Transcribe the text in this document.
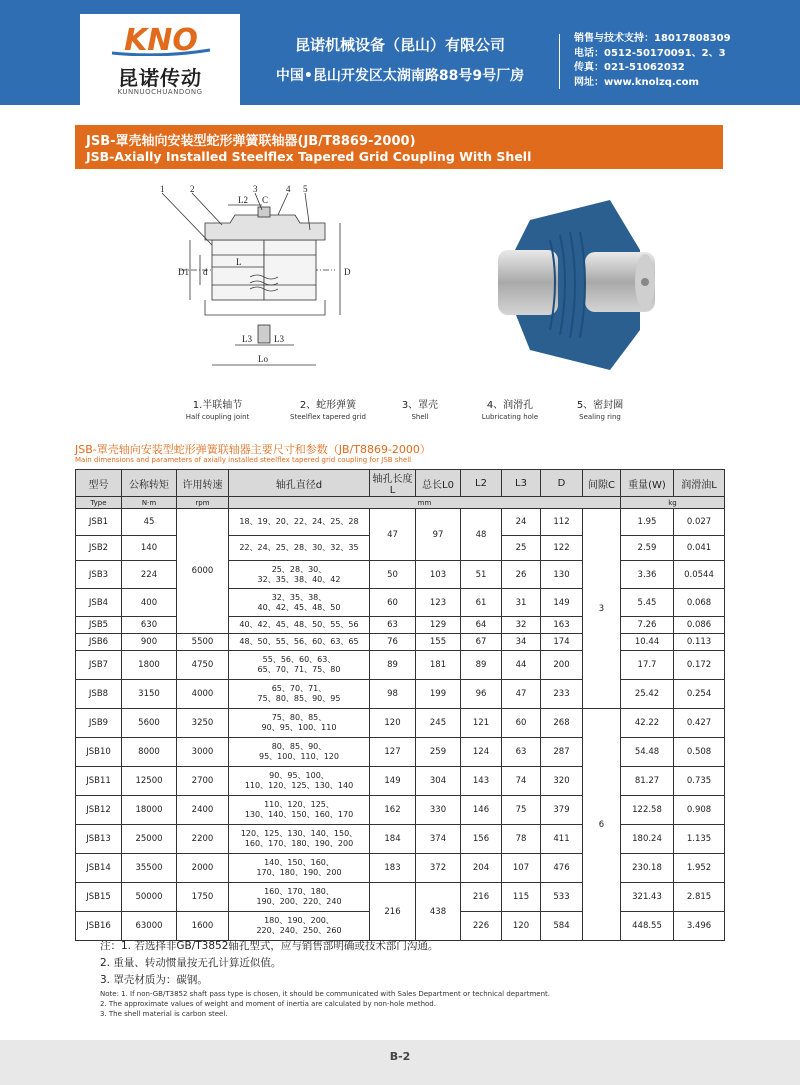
KNO
昆诺传动
KUNNUOCHUANDONG
昆诺机械设备（昆山）有限公司
中国•昆山开发区太湖南路88号9号厂房
销售与技术支持：18017808309
电话：0512-50170091、2、3
传真：021-51062032
网址：www.knolzq.com
JSB-罩壳轴向安装型蛇形弹簧联轴器(JB/T8869-2000)
JSB-Axially Installed Steelflex Tapered Grid Coupling With Shell
1	2	3	4 5
L2
L
C
L3 L3
Lo
D1 d	D
1.半联轴节
Half coupling joint
2、蛇形弹簧
Steelflex tapered grid
3、罩壳
Shell
4、润滑孔
Lubricating hole
5、密封圈
Sealing ring
JSB-罩壳轴向安装型蛇形弹簧联轴器主要尺寸和参数（JB/T8869-2000）
Main dimensions and parameters of axially installed steelflex tapered grid coupling for JSB shell
型号	公称转矩	许用转速	轴孔直径d	轴孔长度L	总长L0	L2	L3	D	间隙C	重量(W)	润滑油L
Type	N·m	rpm	mm							kg	
JSB1	45	6000	18、19、20、22、24、25、28	47	97	48	24	112	3	1.95	0.027
JSB2	140		22、24、25、28、30、32、35				25	122		2.59	0.041
JSB3	224		25、28、30、
32、35、38、40、42	50	103	51	26	130		3.36	0.0544
JSB4	400		32、35、38、
40、42、45、48、50	60	123	61	31	149		5.45	0.068
JSB5	630		40、42、45、48、50、55、56	63	129	64	32	163		7.26	0.086
JSB6	900	5500	48、50、55、56、60、63、65	76	155	67	34	174		10.44	0.113
JSB7	1800	4750	55、56、60、63、
65、70、71、75、80	89	181	89	44	200		17.7	0.172
JSB8	3150	4000	65、70、71、
75、80、85、90、95	98	199	96	47	233		25.42	0.254
JSB9	5600	3250	75、80、85、
90、95、100、110	120	245	121	60	268	6	42.22	0.427
JSB10	8000	3000	80、85、90、
95、100、110、120	127	259	124	63	287		54.48	0.508
JSB11	12500	2700	90、95、100、
110、120、125、130、140	149	304	143	74	320		81.27	0.735
JSB12	18000	2400	110、120、125、
130、140、150、160、170	162	330	146	75	379		122.58	0.908
JSB13	25000	2200	120、125、130、140、150、
160、170、180、190、200	184	374	156	78	411		180.24	1.135
JSB14	35500	2000	140、150、160、
170、180、190、200	183	372	204	107	476		230.18	1.952
JSB15	50000	1750	160、170、180、
190、200、220、240	216	438	216	115	533		321.43	2.815
JSB16	63000	1600	180、190、200、
220、240、250、260			226	120	584		448.55	3.496
注：1. 若选择非GB/T3852轴孔型式，应与销售部明确或技术部门沟通。
2. 重量、转动惯量按无孔计算近似值。
3. 罩壳材质为：碳钢。
Note: 1. If non-GB/T3852 shaft pass type is chosen, it should be communicated with Sales Department or technical department.
2. The approximate values of weight and moment of inertia are calculated by non-hole method.
3. The shell material is carbon steel.
B-2
